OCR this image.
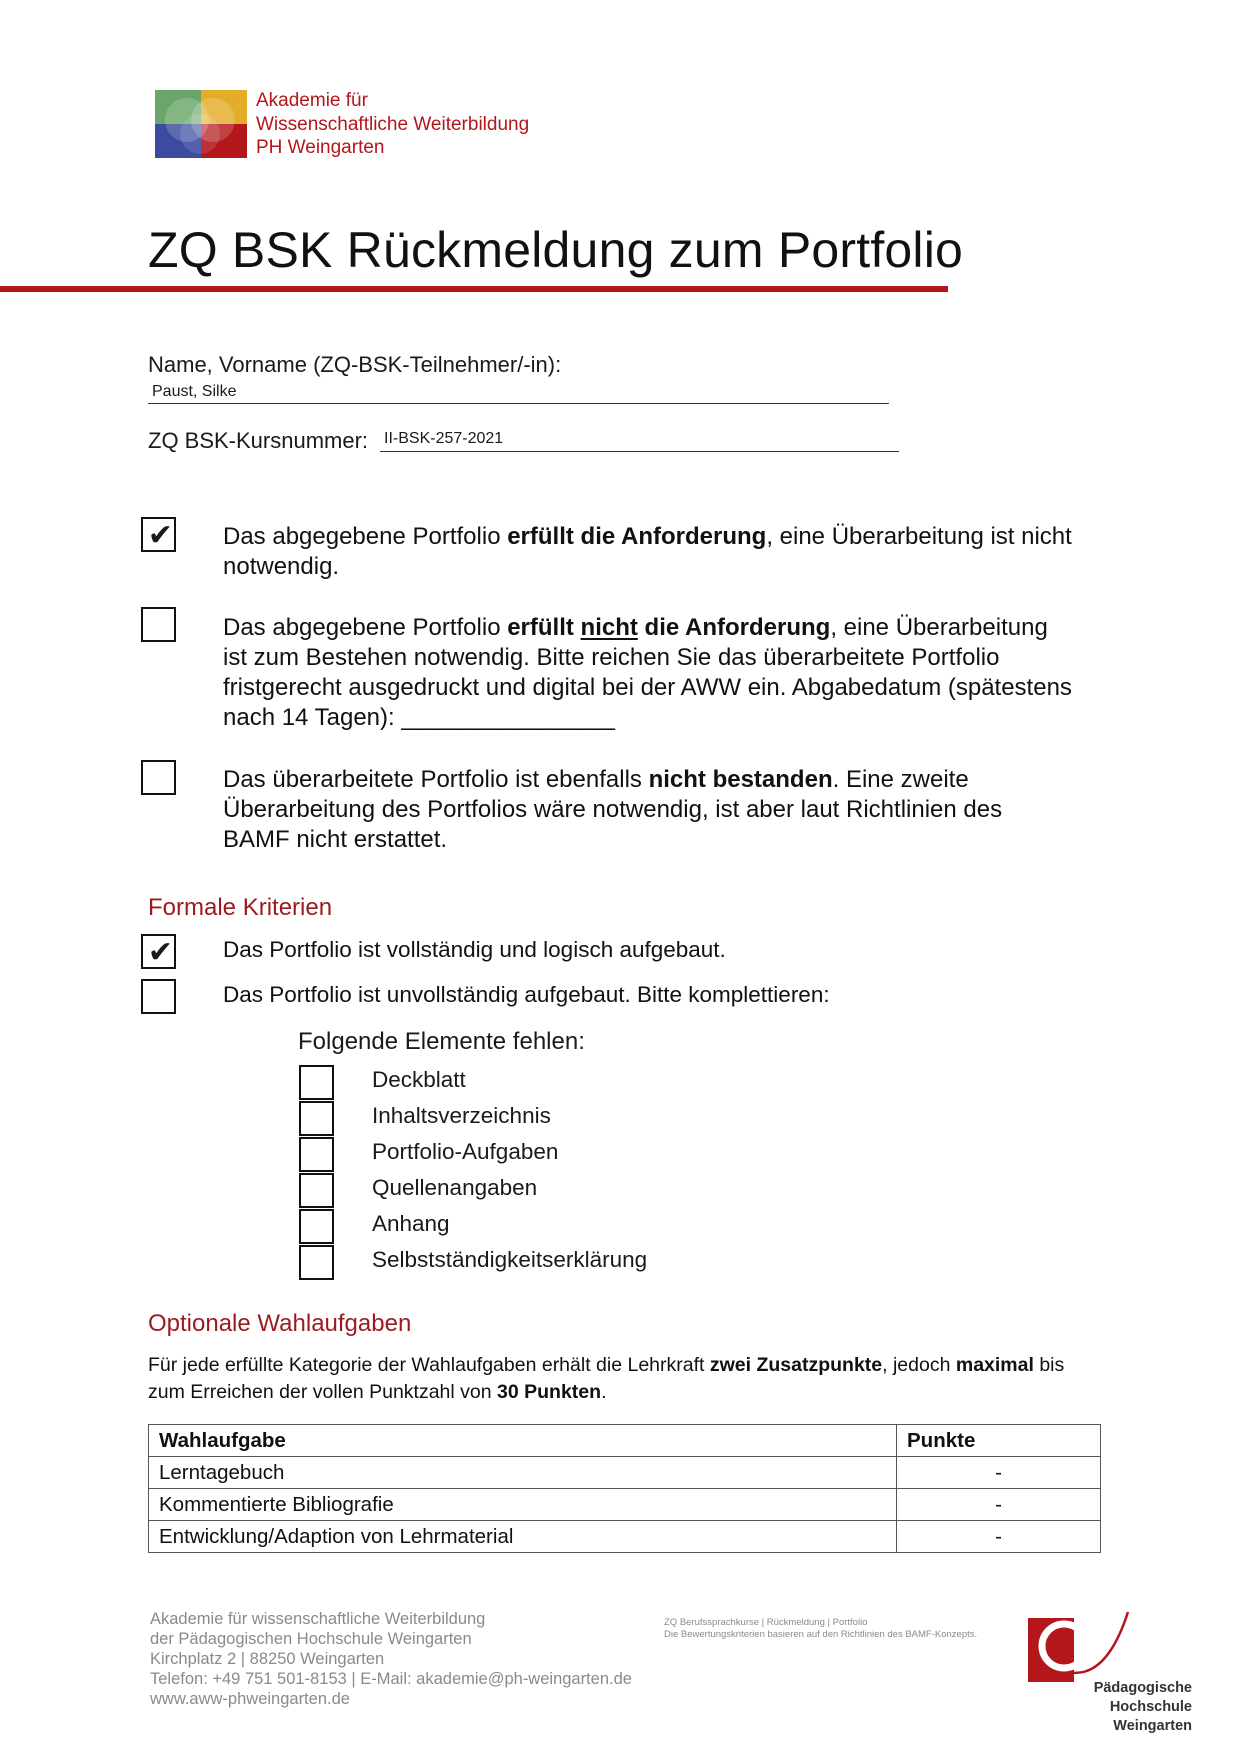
Akademie für
Wissenschaftliche Weiterbildung
PH Weingarten
ZQ BSK Rückmeldung zum Portfolio
Name, Vorname (ZQ-BSK-Teilnehmer/-in):
Paust, Silke
ZQ BSK-Kursnummer: II-BSK-257-2021
✔ Das abgegebene Portfolio erfüllt die Anforderung, eine Überarbeitung ist nicht notwendig.
Das abgegebene Portfolio erfüllt nicht die Anforderung, eine Überarbeitung ist zum Bestehen notwendig. Bitte reichen Sie das überarbeitete Portfolio fristgerecht ausgedruckt und digital bei der AWW ein. Abgabedatum (spätestens nach 14 Tagen): ________________
Das überarbeitete Portfolio ist ebenfalls nicht bestanden. Eine zweite Überarbeitung des Portfolios wäre notwendig, ist aber laut Richtlinien des BAMF nicht erstattet.
Formale Kriterien
✔ Das Portfolio ist vollständig und logisch aufgebaut.
Das Portfolio ist unvollständig aufgebaut. Bitte komplettieren:
Folgende Elemente fehlen:
Deckblatt
Inhaltsverzeichnis
Portfolio-Aufgaben
Quellenangaben
Anhang
Selbstständigkeitserklärung
Optionale Wahlaufgaben
Für jede erfüllte Kategorie der Wahlaufgaben erhält die Lehrkraft zwei Zusatzpunkte, jedoch maximal bis zum Erreichen der vollen Punktzahl von 30 Punkten.
Wahlaufgabe	Punkte
Lerntagebuch	-
Kommentierte Bibliografie	-
Entwicklung/Adaption von Lehrmaterial	-
Akademie für wissenschaftliche Weiterbildung
der Pädagogischen Hochschule Weingarten
Kirchplatz 2 | 88250 Weingarten
Telefon: +49 751 501-8153 | E-Mail: akademie@ph-weingarten.de
www.aww-phweingarten.de
ZQ Berufssprachkurse | Rückmeldung | Portfolio
Die Bewertungskriterien basieren auf den Richtlinien des BAMF-Konzepts.
Pädagogische
Hochschule Weingarten
